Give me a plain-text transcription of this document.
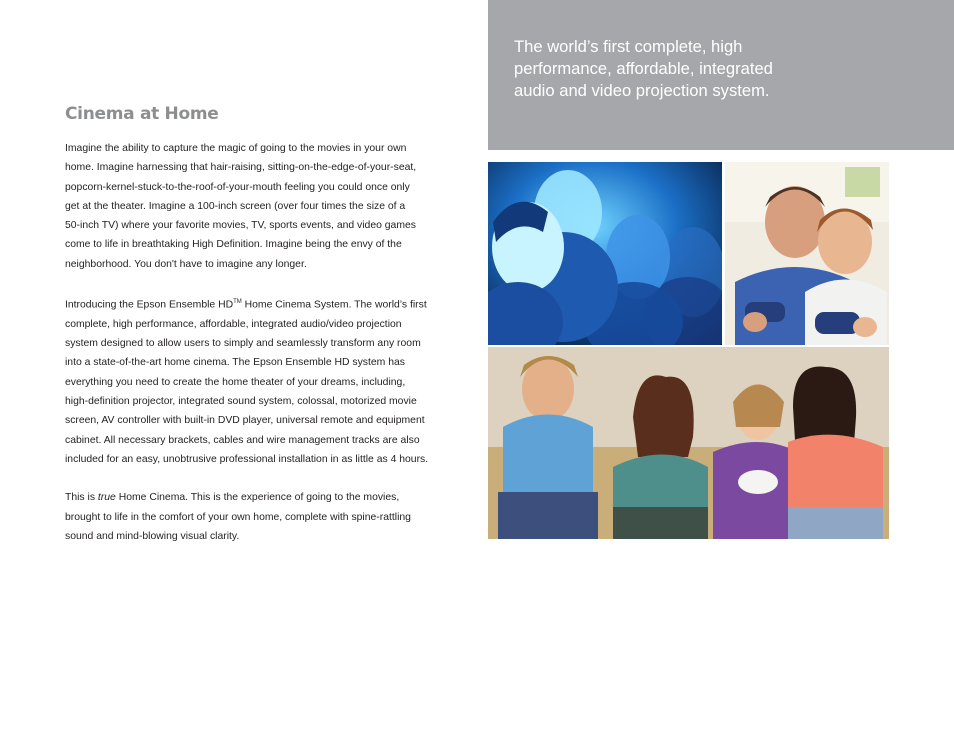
Cinema at Home

Imagine the ability to capture the magic of going to the movies in your own
home. Imagine harnessing that hair-raising, sitting-on-the-edge-of-your-seat,
popcorn-kernel-stuck-to-the-roof-of-your-mouth feeling you could once only
get at the theater. Imagine a 100-inch screen (over four times the size of a
50-inch TV) where your favorite movies, TV, sports events, and video games
come to life in breathtaking High Definition. Imagine being the envy of the
neighborhood. You don't have to imagine any longer.

Introducing the Epson Ensemble HD™ Home Cinema System. The world’s first
complete, high performance, affordable, integrated audio/video projection
system designed to allow users to simply and seamlessly transform any room
into a state-of-the-art home cinema. The Epson Ensemble HD system has
everything you need to create the home theater of your dreams, including,
high-definition projector, integrated sound system, colossal, motorized movie
screen, AV controller with built-in DVD player, universal remote and equipment
cabinet. All necessary brackets, cables and wire management tracks are also
included for an easy, unobtrusive professional installation in as little as 4 hours.

This is true Home Cinema. This is the experience of going to the movies,
brought to life in the comfort of your own home, complete with spine-rattling
sound and mind-blowing visual clarity.

The world’s first complete, high
performance, affordable, integrated
audio and video projection system.
